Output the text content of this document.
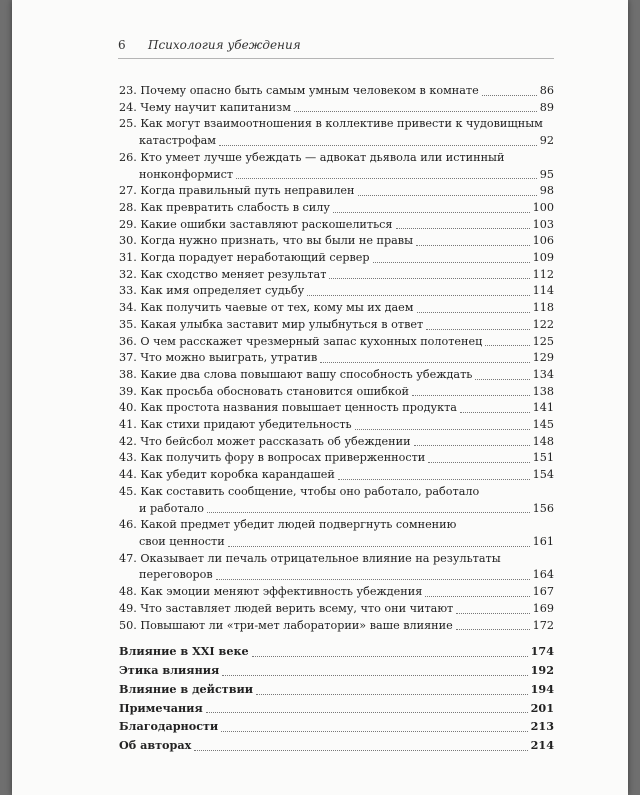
6 Психология убеждения
23. Почему опасно быть самым умным человеком в комнате	86
24. Чему научит капитанизм	89
25. Как могут взаимоотношения в коллективе привести к чудовищным
катастрофам	92
26. Кто умеет лучше убеждать — адвокат дьявола или истинный
нонконформист	95
27. Когда правильный путь неправилен	98
28. Как превратить слабость в силу	100
29. Какие ошибки заставляют раскошелиться	103
30. Когда нужно признать, что вы были не правы	106
31. Когда порадует неработающий сервер	109
32. Как сходство меняет результат	112
33. Как имя определяет судьбу	114
34. Как получить чаевые от тех, кому мы их даем	118
35. Какая улыбка заставит мир улыбнуться в ответ	122
36. О чем расскажет чрезмерный запас кухонных полотенец	125
37. Что можно выиграть, утратив	129
38. Какие два слова повышают вашу способность убеждать	134
39. Как просьба обосновать становится ошибкой	138
40. Как простота названия повышает ценность продукта	141
41. Как стихи придают убедительность	145
42. Что бейсбол может рассказать об убеждении	148
43. Как получить фору в вопросах приверженности	151
44. Как убедит коробка карандашей	154
45. Как составить сообщение, чтобы оно работало, работало
и работало	156
46. Какой предмет убедит людей подвергнуть сомнению
свои ценности	161
47. Оказывает ли печаль отрицательное влияние на результаты
переговоров	164
48. Как эмоции меняют эффективность убеждения	167
49. Что заставляет людей верить всему, что они читают	169
50. Повышают ли «три-мет лаборатории» ваше влияние	172
Влияние в XXI веке	174
Этика влияния	192
Влияние в действии	194
Примечания	201
Благодарности	213
Об авторах	214
